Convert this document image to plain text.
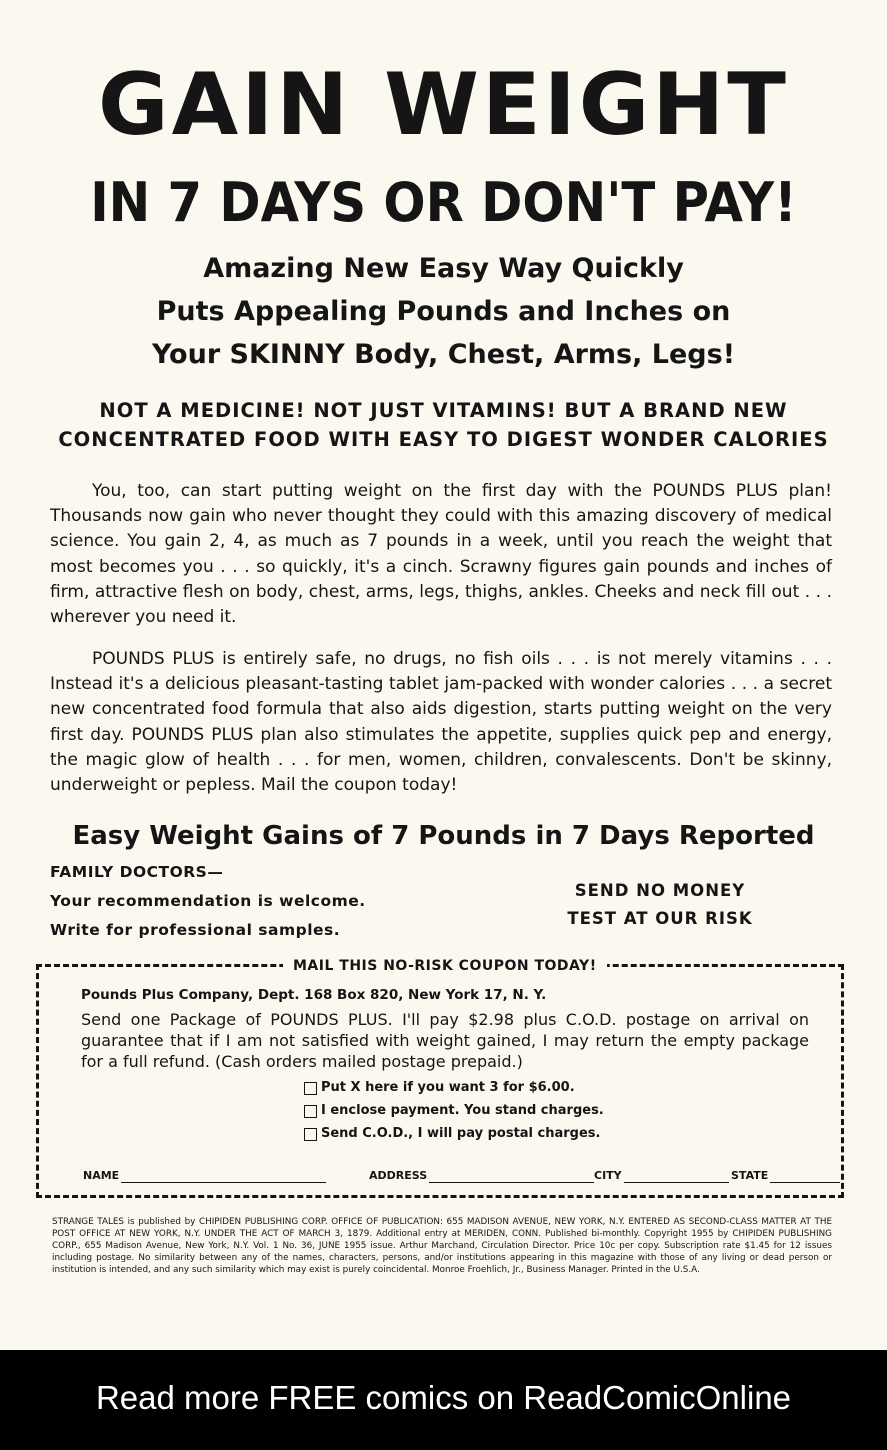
GAIN WEIGHT
IN 7 DAYS OR DON'T PAY!
Amazing New Easy Way Quickly
Puts Appealing Pounds and Inches on
Your SKINNY Body, Chest, Arms, Legs!
NOT A MEDICINE! NOT JUST VITAMINS! BUT A BRAND NEW
CONCENTRATED FOOD WITH EASY TO DIGEST WONDER CALORIES

You, too, can start putting weight on the first day with the POUNDS PLUS plan! Thousands now gain who never thought they could with this amazing discovery of medical science. You gain 2, 4, as much as 7 pounds in a week, until you reach the weight that most becomes you . . . so quickly, it's a cinch. Scrawny figures gain pounds and inches of firm, attractive flesh on body, chest, arms, legs, thighs, ankles. Cheeks and neck fill out . . . wherever you need it.

POUNDS PLUS is entirely safe, no drugs, no fish oils . . . is not merely vitamins . . . Instead it's a delicious pleasant-tasting tablet jam-packed with wonder calories . . . a secret new concentrated food formula that also aids digestion, starts putting weight on the very first day. POUNDS PLUS plan also stimulates the appetite, supplies quick pep and energy, the magic glow of health . . . for men, women, children, convalescents. Don't be skinny, underweight or pepless. Mail the coupon today!

Easy Weight Gains of 7 Pounds in 7 Days Reported
FAMILY DOCTORS—
Your recommendation is welcome.
Write for professional samples.
SEND NO MONEY
TEST AT OUR RISK
MAIL THIS NO-RISK COUPON TODAY!
Pounds Plus Company, Dept. 168 Box 820, New York 17, N. Y.

Send one Package of POUNDS PLUS. I'll pay $2.98 plus C.O.D. postage on arrival on guarantee that if I am not satisfied with weight gained, I may return the empty package for a full refund. (Cash orders mailed postage prepaid.)

Put X here if you want 3 for $6.00.
I enclose payment. You stand charges.
Send C.O.D., I will pay postal charges.
NAME	ADDRESS	CITY	STATE

STRANGE TALES is published by CHIPIDEN PUBLISHING CORP. OFFICE OF PUBLICATION: 655 MADISON AVENUE, NEW YORK, N.Y. ENTERED AS SECOND-CLASS MATTER AT THE POST OFFICE AT NEW YORK, N.Y. UNDER THE ACT OF MARCH 3, 1879. Additional entry at MERIDEN, CONN. Published bi-monthly. Copyright 1955 by CHIPIDEN PUBLISHING CORP., 655 Madison Avenue, New York, N.Y. Vol. 1 No. 36, JUNE 1955 issue. Arthur Marchand, Circulation Director. Price 10c per copy. Subscription rate $1.45 for 12 issues including postage. No similarity between any of the names, characters, persons, and/or institutions appearing in this magazine with those of any living or dead person or institution is intended, and any such similarity which may exist is purely coincidental. Monroe Froehlich, Jr., Business Manager. Printed in the U.S.A.

Read more FREE comics on ReadComicOnline
